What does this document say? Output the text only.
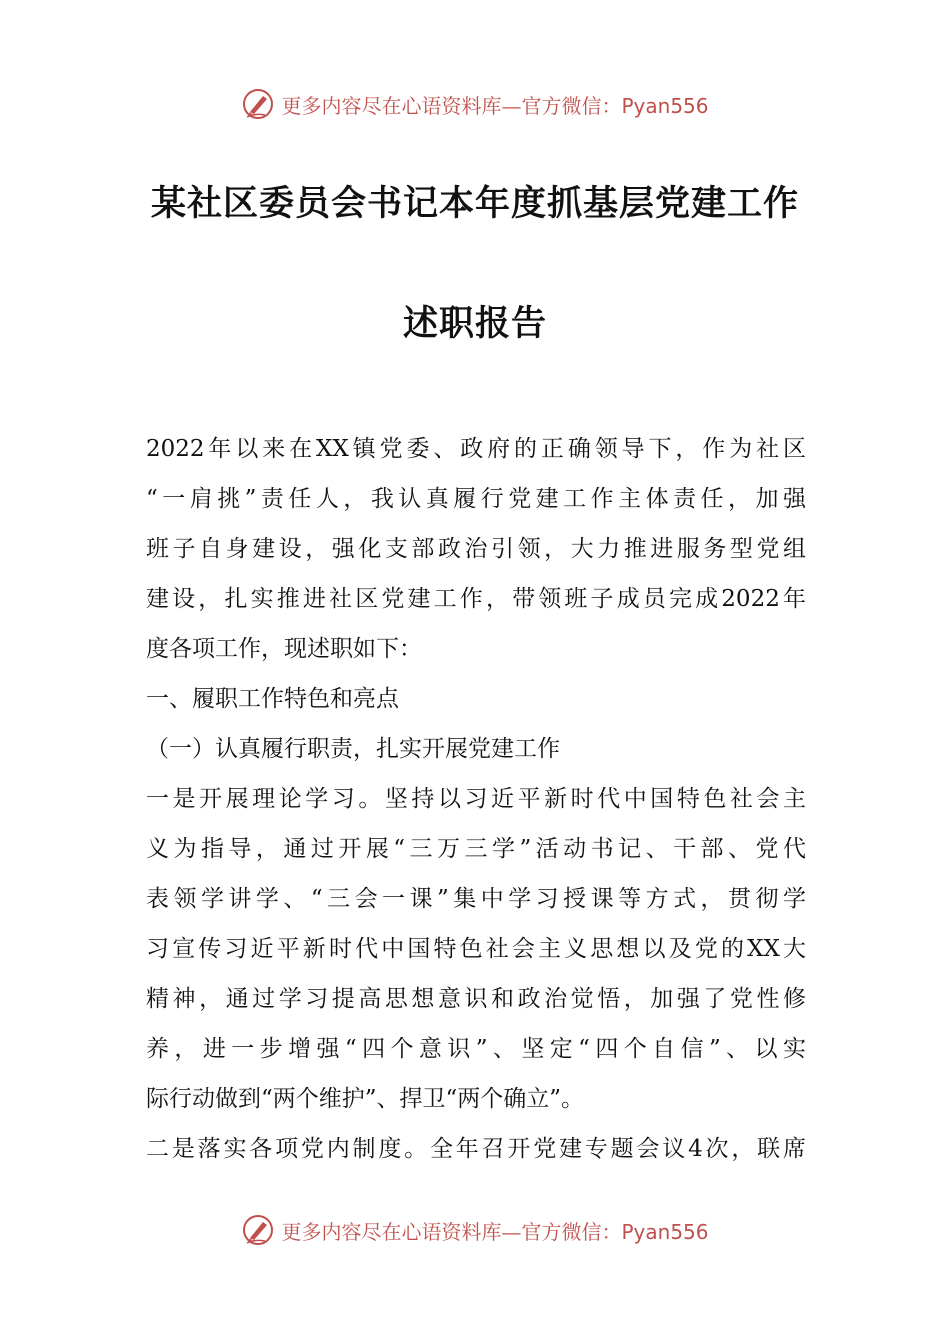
更多内容尽在心语资料库—官方微信：Pyan556
某社区委员会书记本年度抓基层党建工作
述职报告
2022年以来在XX镇党委、政府的正确领导下，作为社区
“一肩挑”责任人，我认真履行党建工作主体责任，加强
班子自身建设，强化支部政治引领，大力推进服务型党组
建设，扎实推进社区党建工作，带领班子成员完成2022年
度各项工作，现述职如下：
一、履职工作特色和亮点
（一）认真履行职责，扎实开展党建工作
一是开展理论学习。坚持以习近平新时代中国特色社会主
义为指导，通过开展“三万三学”活动书记、干部、党代
表领学讲学、“三会一课”集中学习授课等方式，贯彻学
习宣传习近平新时代中国特色社会主义思想以及党的XX大
精神，通过学习提高思想意识和政治觉悟，加强了党性修
养，进一步增强“四个意识”、坚定“四个自信”、以实
际行动做到“两个维护”、捍卫“两个确立”。
二是落实各项党内制度。全年召开党建专题会议4次，联席
更多内容尽在心语资料库—官方微信：Pyan556
